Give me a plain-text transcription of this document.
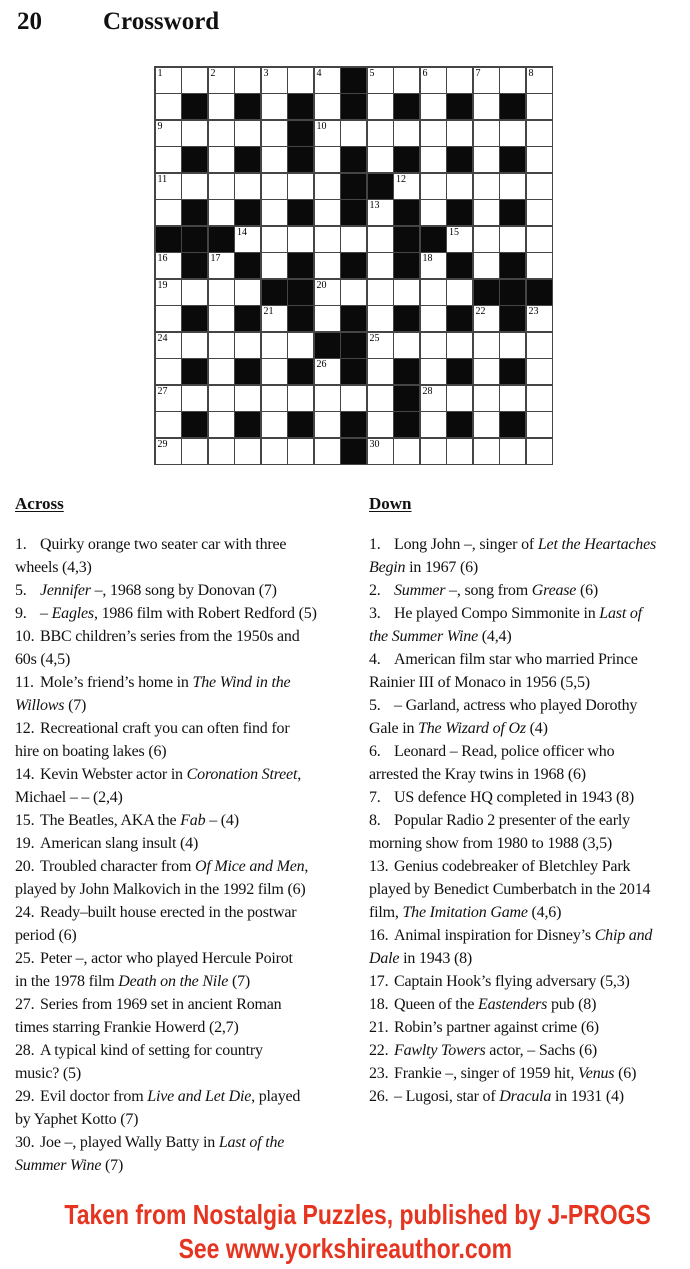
20 Crossword
1	2	3	4	5	6	7	8
9	10
11	12
13
14	15
16	17	18
19	20
21	22	23
24	25
26
27	28
29	30
Across
1. Quirky orange two seater car with three
wheels (4,3)
5. Jennifer –, 1968 song by Donovan (7)
9. – Eagles, 1986 film with Robert Redford (5)
10. BBC children’s series from the 1950s and
60s (4,5)
11. Mole’s friend’s home in The Wind in the
Willows (7)
12. Recreational craft you can often find for
hire on boating lakes (6)
14. Kevin Webster actor in Coronation Street,
Michael – – (2,4)
15. The Beatles, AKA the Fab – (4)
19. American slang insult (4)
20. Troubled character from Of Mice and Men,
played by John Malkovich in the 1992 film (6)
24. Ready–built house erected in the postwar
period (6)
25. Peter –, actor who played Hercule Poirot
in the 1978 film Death on the Nile (7)
27. Series from 1969 set in ancient Roman
times starring Frankie Howerd (2,7)
28. A typical kind of setting for country
music? (5)
29. Evil doctor from Live and Let Die, played
by Yaphet Kotto (7)
30. Joe –, played Wally Batty in Last of the
Summer Wine (7)
Down
1. Long John –, singer of Let the Heartaches
Begin in 1967 (6)
2. Summer –, song from Grease (6)
3. He played Compo Simmonite in Last of
the Summer Wine (4,4)
4. American film star who married Prince
Rainier III of Monaco in 1956 (5,5)
5. – Garland, actress who played Dorothy
Gale in The Wizard of Oz (4)
6. Leonard – Read, police officer who
arrested the Kray twins in 1968 (6)
7. US defence HQ completed in 1943 (8)
8. Popular Radio 2 presenter of the early
morning show from 1980 to 1988 (3,5)
13. Genius codebreaker of Bletchley Park
played by Benedict Cumberbatch in the 2014
film, The Imitation Game (4,6)
16. Animal inspiration for Disney’s Chip and
Dale in 1943 (8)
17. Captain Hook’s flying adversary (5,3)
18. Queen of the Eastenders pub (8)
21. Robin’s partner against crime (6)
22. Fawlty Towers actor, – Sachs (6)
23. Frankie –, singer of 1959 hit, Venus (6)
26. – Lugosi, star of Dracula in 1931 (4)
Taken from Nostalgia Puzzles, published by J-PROGS
See www.yorkshireauthor.com
